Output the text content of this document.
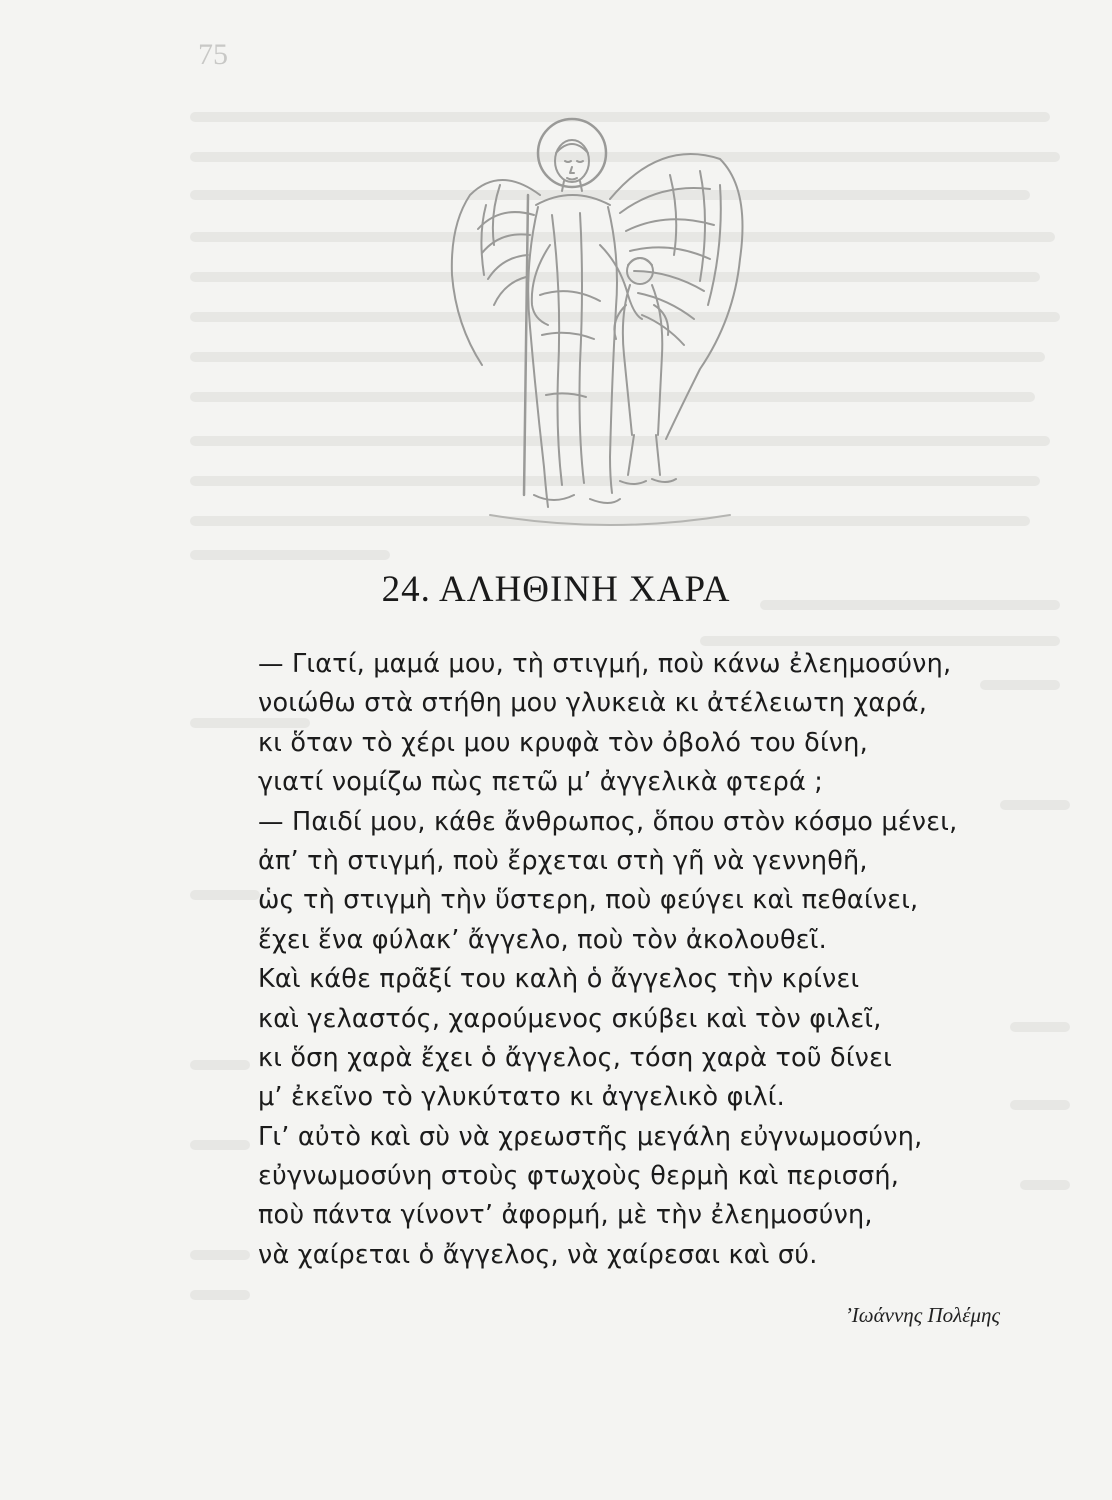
75
24. ΑΛΗΘΙΝΗ ΧΑΡΑ
— Γιατί, μαμά μου, τὴ στιγμή, ποὺ κάνω ἐλεημοσύνη,
νοιώθω στὰ στήθη μου γλυκειὰ κι ἀτέλειωτη χαρά,
κι ὅταν τὸ χέρι μου κρυφὰ τὸν ὀβολό του δίνη,
γιατί νομίζω πὼς πετῶ μ’ ἀγγελικὰ φτερά ;
— Παιδί μου, κάθε ἄνθρωπος, ὅπου στὸν κόσμο μένει,
ἀπ’ τὴ στιγμή, ποὺ ἔρχεται στὴ γῆ νὰ γεννηθῆ,
ὡς τὴ στιγμὴ τὴν ὕστερη, ποὺ φεύγει καὶ πεθαίνει,
ἔχει ἕνα φύλακ’ ἄγγελο, ποὺ τὸν ἀκολουθεῖ.
Καὶ κάθε πρᾶξί του καλὴ ὁ ἄγγελος τὴν κρίνει
καὶ γελαστός, χαρούμενος σκύβει καὶ τὸν φιλεῖ,
κι ὅση χαρὰ ἔχει ὁ ἄγγελος, τόση χαρὰ τοῦ δίνει
μ’ ἐκεῖνο τὸ γλυκύτατο κι ἀγγελικὸ φιλί.
Γι’ αὐτὸ καὶ σὺ νὰ χρεωστῆς μεγάλη εὐγνωμοσύνη,
εὐγνωμοσύνη στοὺς φτωχοὺς θερμὴ καὶ περισσή,
ποὺ πάντα γίνοντ’ ἀφορμή, μὲ τὴν ἐλεημοσύνη,
νὰ χαίρεται ὁ ἄγγελος, νὰ χαίρεσαι καὶ σύ.
’Ιωάννης Πολέμης
